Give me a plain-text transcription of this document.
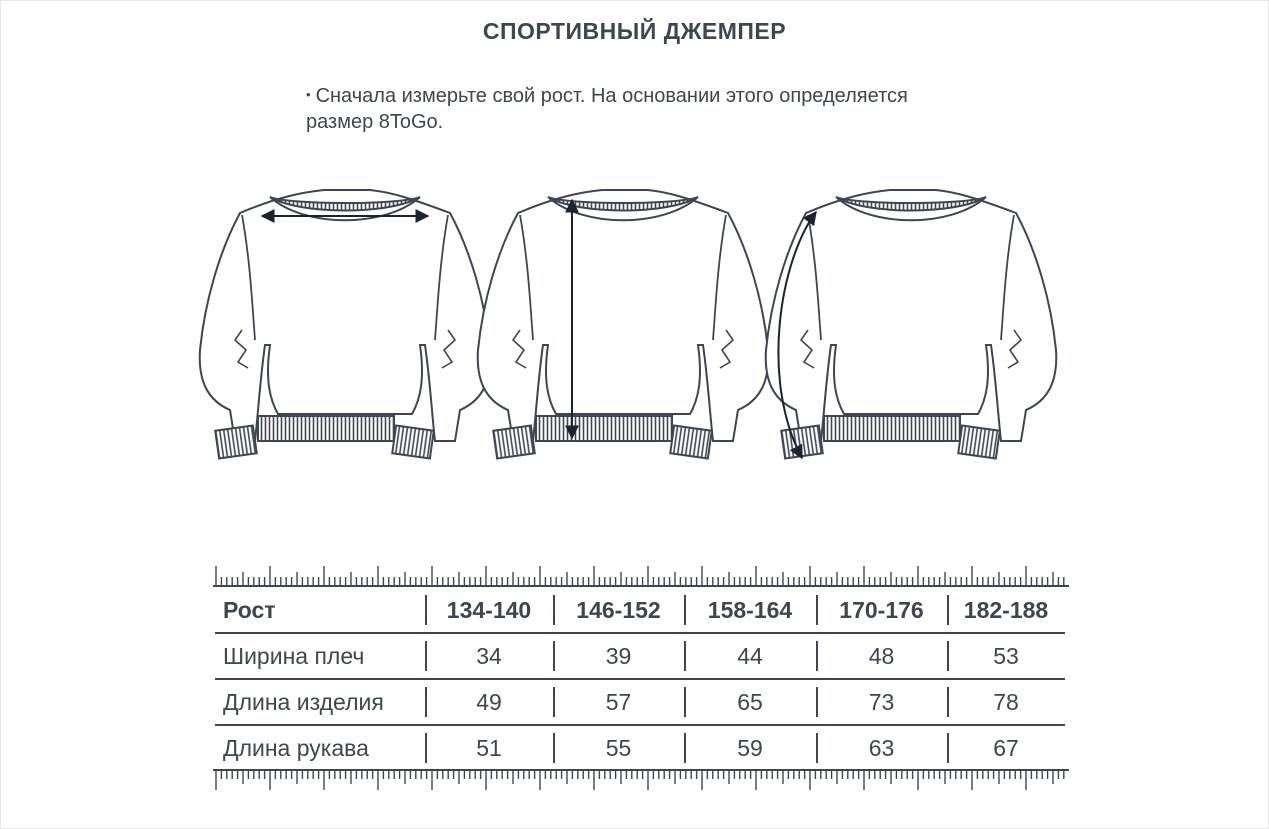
СПОРТИВНЫЙ ДЖЕМПЕР
• Сначала измерьте свой рост. На основании этого определяется
размер 8ToGo.
Рост	134-140	146-152	158-164	170-176	182-188
Ширина плеч	34	39	44	48	53
Длина изделия	49	57	65	73	78
Длина рукава	51	55	59	63	67
